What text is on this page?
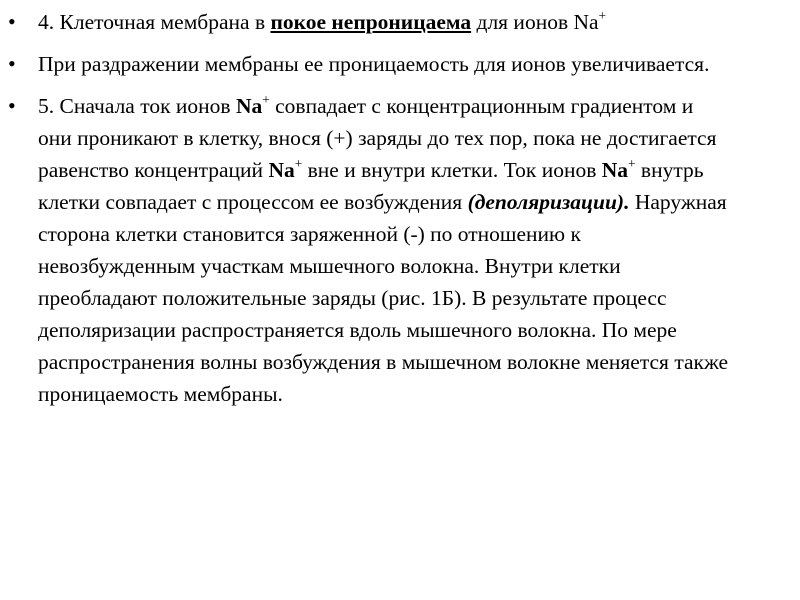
•	4. Клеточная мембрана в покое непроницаема для ионов Na+
•	При раздражении мембраны ее проницаемость для ионов увеличивается.
•	5. Сначала ток ионов Na+ совпадает с концентрационным градиентом и они проникают в клетку, внося (+) заряды до тех пор, пока не достигается равенство концентраций Na+ вне и внутри клетки. Ток ионов Na+ внутрь клетки совпадает с процессом ее возбуждения (деполяризации). Наружная сторона клетки становится заряженной (-) по отношению к невозбужденным участкам мышечного волокна. Внутри клетки преобладают положительные заряды (рис. 1Б). В результате процесс деполяризации распространяется вдоль мышечного волокна. По мере распространения волны возбуждения в мышечном волокне меняется также проницаемость мембраны.
